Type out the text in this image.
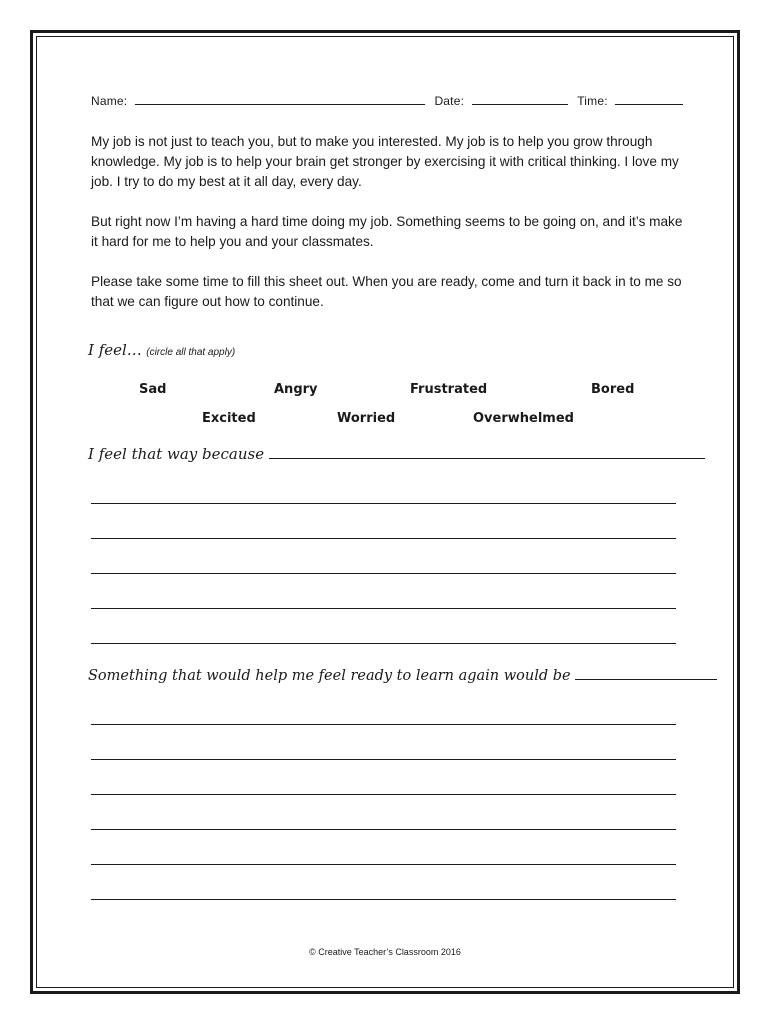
Name:	Date:	Time:
My job is not just to teach you, but to make you interested. My job is to help you grow through knowledge. My job is to help your brain get stronger by exercising it with critical thinking. I love my job. I try to do my best at it all day, every day.
But right now I’m having a hard time doing my job. Something seems to be going on, and it’s make it hard for me to help you and your classmates.
Please take some time to fill this sheet out. When you are ready, come and turn it back in to me so that we can figure out how to continue.
I feel… (circle all that apply)
Sad	Angry	Frustrated	Bored
Excited	Worried	Overwhelmed
I feel that way because
Something that would help me feel ready to learn again would be
© Creative Teacher’s Classroom 2016
